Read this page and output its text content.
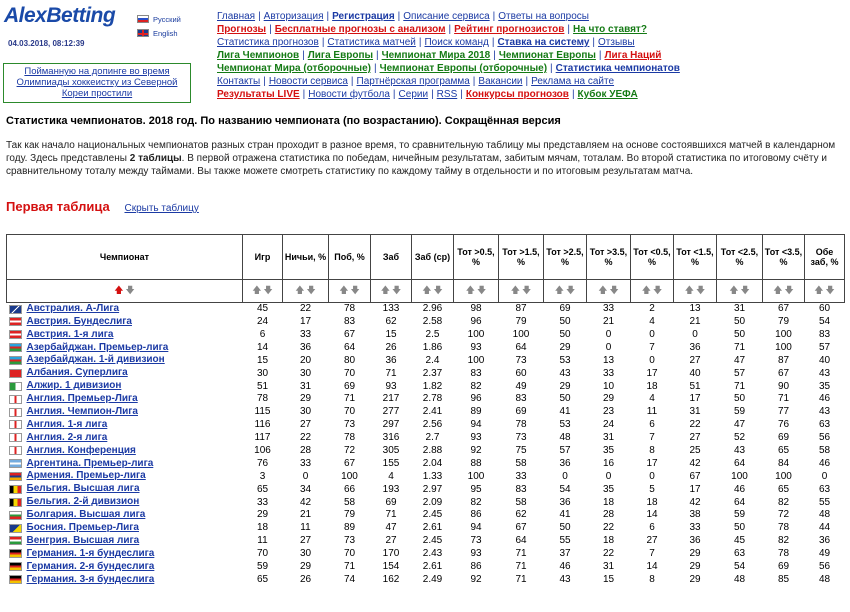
AlexBetting
04.03.2018, 08:12:39
Русский
English
Пойманную на допинге во время Олимпиады хоккеистку из Северной Кореи простили
Главная | Авторизация | Регистрация | Описание сервиса | Ответы на вопросы
Прогнозы | Бесплатные прогнозы с анализом | Рейтинг прогнозистов | На что ставят?
Статистика прогнозов | Статистика матчей | Поиск команд | Ставка на систему | Отзывы
Лига Чемпионов | Лига Европы | Чемпионат Мира 2018 | Чемпионат Европы | Лига Наций
Чемпионат Мира (отборочные) | Чемпионат Европы (отборочные) | Статистика чемпионатов
Контакты | Новости сервиса | Партнёрская программа | Вакансии | Реклама на сайте
Результаты LIVE | Новости футбола | Серии | RSS | Конкурсы прогнозов | Кубок УЕФА
Статистика чемпионатов. 2018 год. По названию чемпионата (по возрастанию). Сокращённая версия
Так как начало национальных чемпионатов разных стран проходит в разное время, то сравнительную таблицу мы представляем на основе состоявшихся матчей в календарном году. Здесь представлены 2 таблицы. В первой отражена статистика по победам, ничейным результатам, забитым мячам, тоталам. Во второй статистика по итоговому счёту и сравнительному тоталу между таймами. Вы также можете смотреть статистику по каждому тайму в отдельности и по итоговым результатам матча.
Первая таблица Скрыть таблицу
Чемпионат	Игр	Ничьи, %	Поб, %	Заб	Заб (ср)	Тот >0.5, %	Тот >1.5, %	Тот >2.5, %	Тот >3.5, %	Тот <0.5, %	Тот <1.5, %	Тот <2.5, %	Тот <3.5, %	Обе заб, %
🡅 🡇	🡅 🡇	🡅 🡇	🡅 🡇	🡅 🡇	🡅 🡇	🡅 🡇	🡅 🡇	🡅 🡇	🡅 🡇	🡅 🡇	🡅 🡇	🡅 🡇	🡅 🡇	🡅 🡇
Австралия. А-Лига	45	22	78	133	2.96	98	87	69	33	2	13	31	67	60
Австрия. Бундеслига	24	17	83	62	2.58	96	79	50	21	4	21	50	79	54
Австрия. 1-я лига	6	33	67	15	2.5	100	100	50	0	0	0	50	100	83
Азербайджан. Премьер-лига	14	36	64	26	1.86	93	64	29	0	7	36	71	100	57
Азербайджан. 1-й дивизион	15	20	80	36	2.4	100	73	53	13	0	27	47	87	40
Албания. Суперлига	30	30	70	71	2.37	83	60	43	33	17	40	57	67	43
Алжир. 1 дивизион	51	31	69	93	1.82	82	49	29	10	18	51	71	90	35
Англия. Премьер-Лига	78	29	71	217	2.78	96	83	50	29	4	17	50	71	46
Англия. Чемпион-Лига	115	30	70	277	2.41	89	69	41	23	11	31	59	77	43
Англия. 1-я лига	116	27	73	297	2.56	94	78	53	24	6	22	47	76	63
Англия. 2-я лига	117	22	78	316	2.7	93	73	48	31	7	27	52	69	56
Англия. Конференция	106	28	72	305	2.88	92	75	57	35	8	25	43	65	58
Аргентина. Премьер-лига	76	33	67	155	2.04	88	58	36	16	17	42	64	84	46
Армения. Премьер-лига	3	0	100	4	1.33	100	33	0	0	0	67	100	100	0
Бельгия. Высшая лига	65	34	66	193	2.97	95	83	54	35	5	17	46	65	63
Бельгия. 2-й дивизион	33	42	58	69	2.09	82	58	36	18	18	42	64	82	55
Болгария. Высшая лига	29	21	79	71	2.45	86	62	41	28	14	38	59	72	48
Босния. Премьер-Лига	18	11	89	47	2.61	94	67	50	22	6	33	50	78	44
Венгрия. Высшая лига	11	27	73	27	2.45	73	64	55	18	27	36	45	82	36
Германия. 1-я бундеслига	70	30	70	170	2.43	93	71	37	22	7	29	63	78	49
Германия. 2-я бундеслига	59	29	71	154	2.61	86	71	46	31	14	29	54	69	56
Германия. 3-я бундеслига	65	26	74	162	2.49	92	71	43	15	8	29	48	85	48
